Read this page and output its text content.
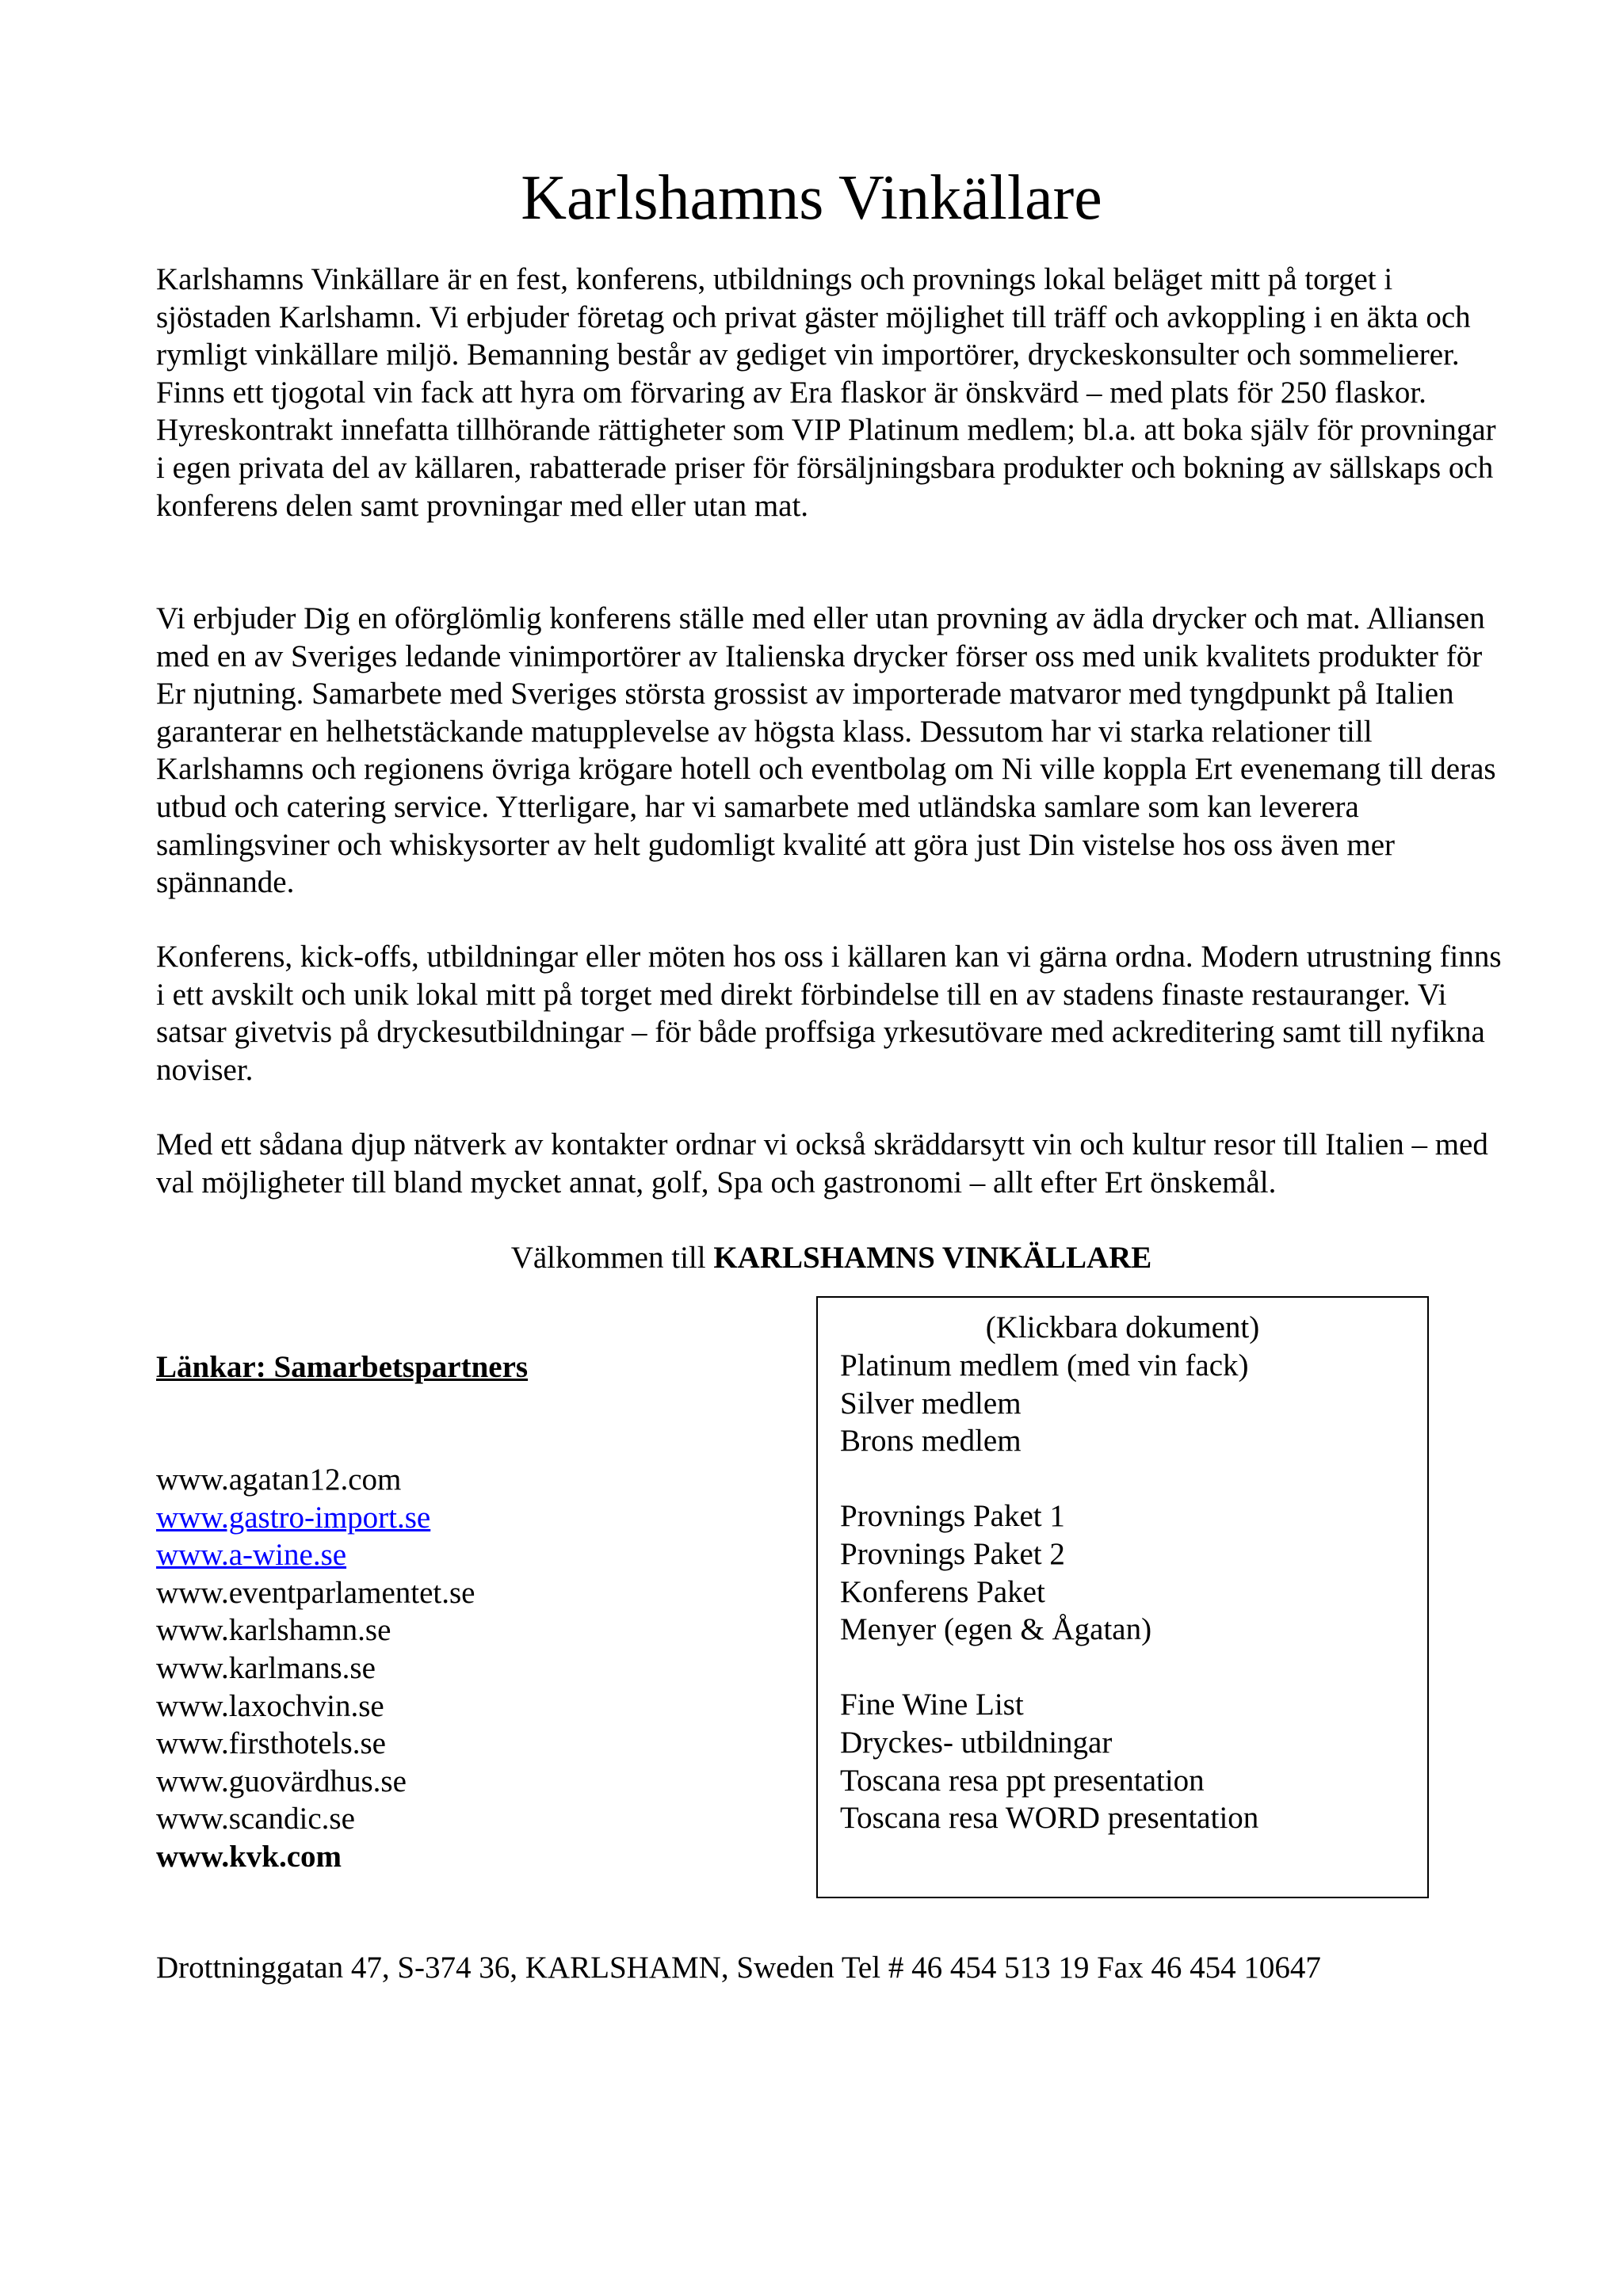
Karlshamns Vinkällare

Karlshamns Vinkällare är en fest, konferens, utbildnings och provnings lokal beläget mitt på torget i sjöstaden Karlshamn. Vi erbjuder företag och privat gäster möjlighet till träff och avkoppling i en äkta och rymligt vinkällare miljö. Bemanning består av gediget vin importörer, dryckeskonsulter och sommelierer.
Finns ett tjogotal vin fack att hyra om förvaring av Era flaskor är önskvärd – med plats för 250 flaskor. Hyreskontrakt innefatta tillhörande rättigheter som VIP Platinum medlem; bl.a. att boka själv för provningar i egen privata del av källaren, rabatterade priser för försäljningsbara produkter och bokning av sällskaps och konferens delen samt provningar med eller utan mat.

Vi erbjuder Dig en oförglömlig konferens ställe med eller utan provning av ädla drycker och mat. Alliansen med en av Sveriges ledande vinimportörer av Italienska drycker förser oss med unik kvalitets produkter för Er njutning. Samarbete med Sveriges största grossist av importerade matvaror med tyngdpunkt på Italien garanterar en helhetstäckande matupplevelse av högsta klass. Dessutom har vi starka relationer till Karlshamns och regionens övriga krögare hotell och eventbolag om Ni ville koppla Ert evenemang till deras utbud och catering service. Ytterligare, har vi samarbete med utländska samlare som kan leverera samlingsviner och whiskysorter av helt gudomligt kvalité att göra just Din vistelse hos oss även mer spännande.

Konferens, kick-offs, utbildningar eller möten hos oss i källaren kan vi gärna ordna. Modern utrustning finns i ett avskilt och unik lokal mitt på torget med direkt förbindelse till en av stadens finaste restauranger. Vi satsar givetvis på dryckesutbildningar – för både proffsiga yrkesutövare med ackreditering samt till nyfikna noviser.

Med ett sådana djup nätverk av kontakter ordnar vi också skräddarsytt vin och kultur resor till Italien – med val möjligheter till bland mycket annat, golf, Spa och gastronomi – allt efter Ert önskemål.

Välkommen till KARLSHAMNS VINKÄLLARE
Länkar: Samarbetspartners
www.agatan12.com
www.gastro-import.se
www.a-wine.se
www.eventparlamentet.se
www.karlshamn.se
www.karlmans.se
www.laxochvin.se
www.firsthotels.se
www.guovärdhus.se
www.scandic.se
www.kvk.com
(Klickbara dokument)
Platinum medlem (med vin fack)
Silver medlem
Brons medlem
Provnings Paket 1
Provnings Paket 2
Konferens Paket
Menyer (egen & Ågatan)
Fine Wine List
Dryckes- utbildningar
Toscana resa ppt presentation
Toscana resa WORD presentation
Drottninggatan 47, S-374 36, KARLSHAMN, Sweden Tel # 46 454 513 19 Fax 46 454 10647
